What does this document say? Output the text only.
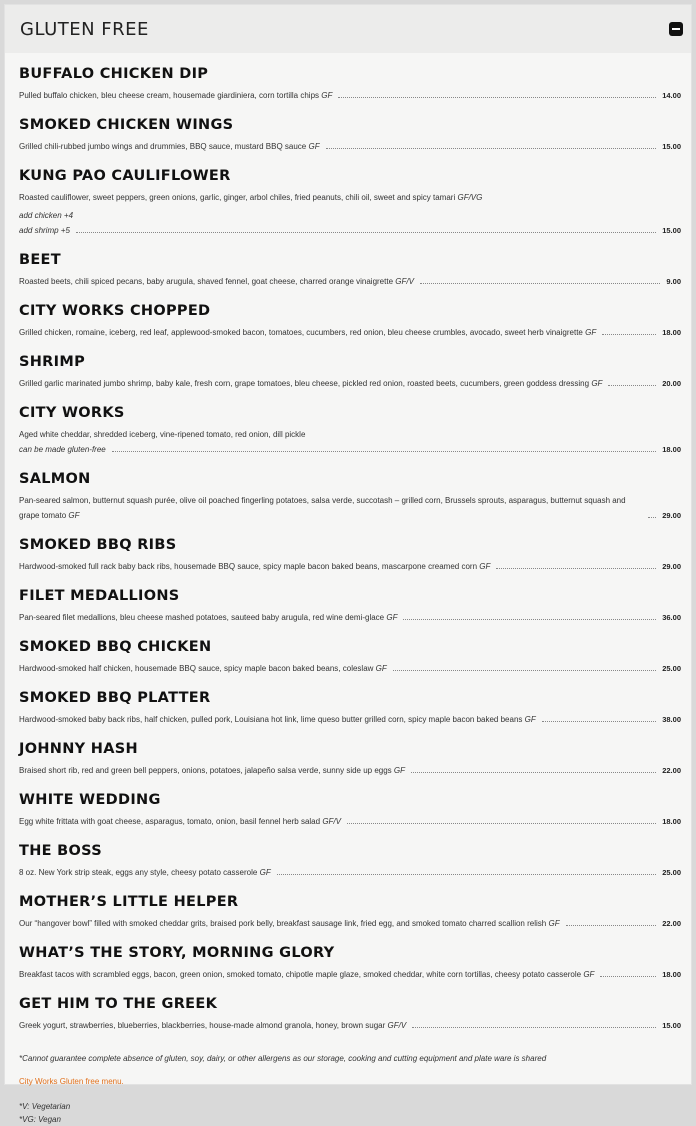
GLUTEN FREE
BUFFALO CHICKEN DIP
Pulled buffalo chicken, bleu cheese cream, housemade giardiniera, corn tortilla chips GF	14.00
SMOKED CHICKEN WINGS
Grilled chili-rubbed jumbo wings and drummies, BBQ sauce, mustard BBQ sauce GF	15.00
KUNG PAO CAULIFLOWER
Roasted cauliflower, sweet peppers, green onions, garlic, ginger, arbol chiles, fried peanuts, chili oil, sweet and spicy tamari GF/VG
add chicken +4
add shrimp +5	15.00
BEET
Roasted beets, chili spiced pecans, baby arugula, shaved fennel, goat cheese, charred orange vinaigrette GF/V	9.00
CITY WORKS CHOPPED
Grilled chicken, romaine, iceberg, red leaf, applewood-smoked bacon, tomatoes, cucumbers, red onion, bleu cheese crumbles, avocado, sweet herb vinaigrette GF	18.00
SHRIMP
Grilled garlic marinated jumbo shrimp, baby kale, fresh corn, grape tomatoes, bleu cheese, pickled red onion, roasted beets, cucumbers, green goddess dressing GF	20.00
CITY WORKS
Aged white cheddar, shredded iceberg, vine-ripened tomato, red onion, dill pickle
can be made gluten-free	18.00
SALMON
Pan-seared salmon, butternut squash purée, olive oil poached fingerling potatoes, salsa verde, succotash – grilled corn, Brussels sprouts, asparagus, butternut squash and grape tomato GF	29.00
SMOKED BBQ RIBS
Hardwood-smoked full rack baby back ribs, housemade BBQ sauce, spicy maple bacon baked beans, mascarpone creamed corn GF	29.00
FILET MEDALLIONS
Pan-seared filet medallions, bleu cheese mashed potatoes, sauteed baby arugula, red wine demi-glace GF	36.00
SMOKED BBQ CHICKEN
Hardwood-smoked half chicken, housemade BBQ sauce, spicy maple bacon baked beans, coleslaw GF	25.00
SMOKED BBQ PLATTER
Hardwood-smoked baby back ribs, half chicken, pulled pork, Louisiana hot link, lime queso butter grilled corn, spicy maple bacon baked beans GF	38.00
JOHNNY HASH
Braised short rib, red and green bell peppers, onions, potatoes, jalapeño salsa verde, sunny side up eggs GF	22.00
WHITE WEDDING
Egg white frittata with goat cheese, asparagus, tomato, onion, basil fennel herb salad GF/V	18.00
THE BOSS
8 oz. New York strip steak, eggs any style, cheesy potato casserole GF	25.00
MOTHER’S LITTLE HELPER
Our “hangover bowl” filled with smoked cheddar grits, braised pork belly, breakfast sausage link, fried egg, and smoked tomato charred scallion relish GF	22.00
WHAT’S THE STORY, MORNING GLORY
Breakfast tacos with scrambled eggs, bacon, green onion, smoked tomato, chipotle maple glaze, smoked cheddar, white corn tortillas, cheesy potato casserole GF	18.00
GET HIM TO THE GREEK
Greek yogurt, strawberries, blueberries, blackberries, house-made almond granola, honey, brown sugar GF/V	15.00

*Cannot guarantee complete absence of gluten, soy, dairy, or other allergens as our storage, cooking and cutting equipment and plate ware is shared

City Works Gluten free menu.

*V: Vegetarian

*VG: Vegan
